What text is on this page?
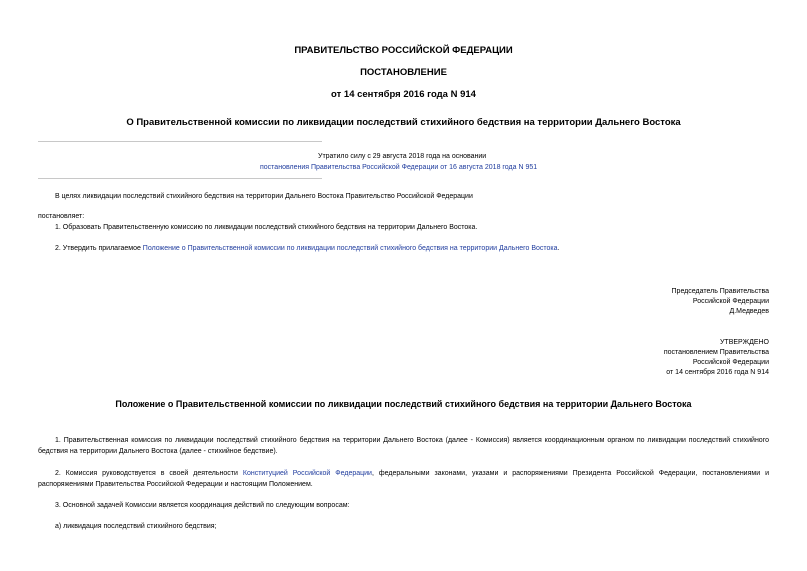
ПРАВИТЕЛЬСТВО РОССИЙСКОЙ ФЕДЕРАЦИИ
ПОСТАНОВЛЕНИЕ
от 14 сентября 2016 года N 914
О Правительственной комиссии по ликвидации последствий стихийного бедствия на территории Дальнего Востока
Утратило силу с 29 августа 2018 года на основании
постановления Правительства Российской Федерации от 16 августа 2018 года N 951
В целях ликвидации последствий стихийного бедствия на территории Дальнего Востока Правительство Российской Федерации
постановляет:
1. Образовать Правительственную комиссию по ликвидации последствий стихийного бедствия на территории Дальнего Востока.
2. Утвердить прилагаемое Положение о Правительственной комиссии по ликвидации последствий стихийного бедствия на территории Дальнего Востока.
Председатель Правительства
Российской Федерации
Д.Медведев
УТВЕРЖДЕНО
постановлением Правительства
Российской Федерации
от 14 сентября 2016 года N 914
Положение о Правительственной комиссии по ликвидации последствий стихийного бедствия на территории Дальнего Востока
1. Правительственная комиссия по ликвидации последствий стихийного бедствия на территории Дальнего Востока (далее - Комиссия) является координационным органом по ликвидации последствий стихийного бедствия на территории Дальнего Востока (далее - стихийное бедствие).
2. Комиссия руководствуется в своей деятельности Конституцией Российской Федерации, федеральными законами, указами и распоряжениями Президента Российской Федерации, постановлениями и распоряжениями Правительства Российской Федерации и настоящим Положением.
3. Основной задачей Комиссии является координация действий по следующим вопросам:
а) ликвидация последствий стихийного бедствия;
